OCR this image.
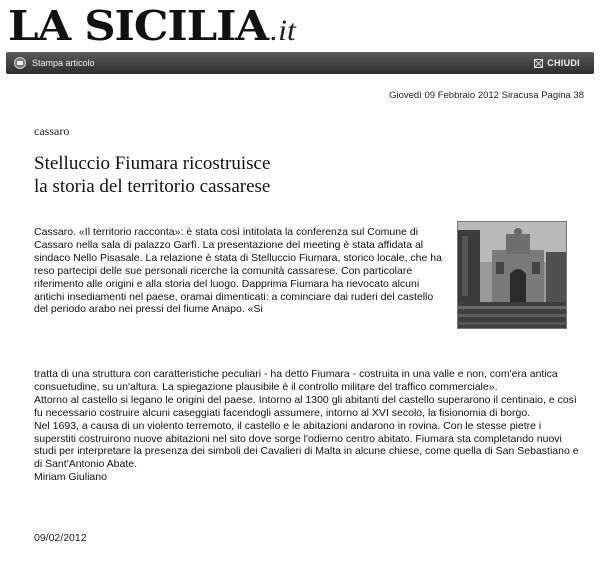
LA SICILIA.it
Stampa articolo	CHIUDI
Giovedì 09 Febbraio 2012 Siracusa Pagina 38
cassaro
Stelluccio Fiumara ricostruisce
la storia del territorio cassarese

Cassaro. «Il territorio racconta»: è stata così intitolata la conferenza sul Comune di Cassaro nella sala di palazzo Garfì. La presentazione del meeting è stata affidata al sindaco Nello Pisasale. La relazione è stata di Stelluccio Fiumara, storico locale, che ha reso partecipi delle sue personali ricerche la comunità cassarese. Con particolare riferimento alle origini e alla storia del luogo. Dapprima Fiumara ha rievocato alcuni antichi insediamenti nel paese, oramai dimenticati: a cominciare dai ruderi del castello del periodo arabo nei pressi del fiume Anapo. «Si

tratta di una struttura con caratteristiche peculiari - ha detto Fiumara - costruita in una valle e non, com'era antica consuetudine, su un'altura. La spiegazione plausibile è il controllo militare del traffico commerciale».

Attorno al castello si legano le origini del paese. Intorno al 1300 gli abitanti del castello superarono il centinaio, e così fu necessario costruire alcuni caseggiati facendogli assumere, intorno al XVI secolo, la fisionomia di borgo.

Nel 1693, a causa di un violento terremoto, il castello e le abitazioni andarono in rovina. Con le stesse pietre i superstiti costruirono nuove abitazioni nel sito dove sorge l'odierno centro abitato. Fiumara sta completando nuovi studi per interpretare la presenza dei simboli dei Cavalieri di Malta in alcune chiese, come quella di San Sebastiano e di Sant'Antonio Abate.

Miriam Giuliano

09/02/2012
